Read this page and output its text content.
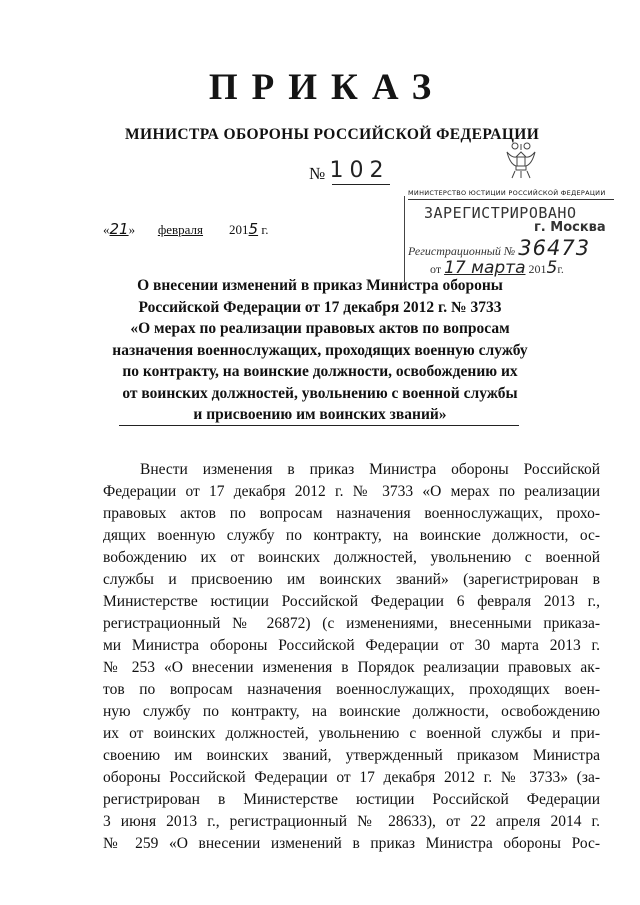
ПРИКАЗ
МИНИСТРА ОБОРОНЫ РОССИЙСКОЙ ФЕДЕРАЦИИ
№ 102
«21» февраля 2015 г.
МИНИСТЕРСТВО ЮСТИЦИИ РОССИЙСКОЙ ФЕДЕРАЦИИ
ЗАРЕГИСТРИРОВАНО
г. Москва
Регистрационный № 36473
от 17 марта 2015г.
О внесении изменений в приказ Министра обороны
Российской Федерации от 17 декабря 2012 г. № 3733
«О мерах по реализации правовых актов по вопросам
назначения военнослужащих, проходящих военную службу
по контракту, на воинские должности, освобождению их
от воинских должностей, увольнению с военной службы
и присвоению им воинских званий»
Внести изменения в приказ Министра обороны Российской
Федерации от 17 декабря 2012 г. № 3733 «О мерах по реализации
правовых актов по вопросам назначения военнослужащих, прохо-
дящих военную службу по контракту, на воинские должности, ос-
вобождению их от воинских должностей, увольнению с военной
службы и присвоению им воинских званий» (зарегистрирован в
Министерстве юстиции Российской Федерации 6 февраля 2013 г.,
регистрационный № 26872) (с изменениями, внесенными приказа-
ми Министра обороны Российской Федерации от 30 марта 2013 г.
№ 253 «О внесении изменения в Порядок реализации правовых ак-
тов по вопросам назначения военнослужащих, проходящих воен-
ную службу по контракту, на воинские должности, освобождению
их от воинских должностей, увольнению с военной службы и при-
своению им воинских званий, утвержденный приказом Министра
обороны Российской Федерации от 17 декабря 2012 г. № 3733» (за-
регистрирован в Министерстве юстиции Российской Федерации
3 июня 2013 г., регистрационный № 28633), от 22 апреля 2014 г.
№ 259 «О внесении изменений в приказ Министра обороны Рос-
